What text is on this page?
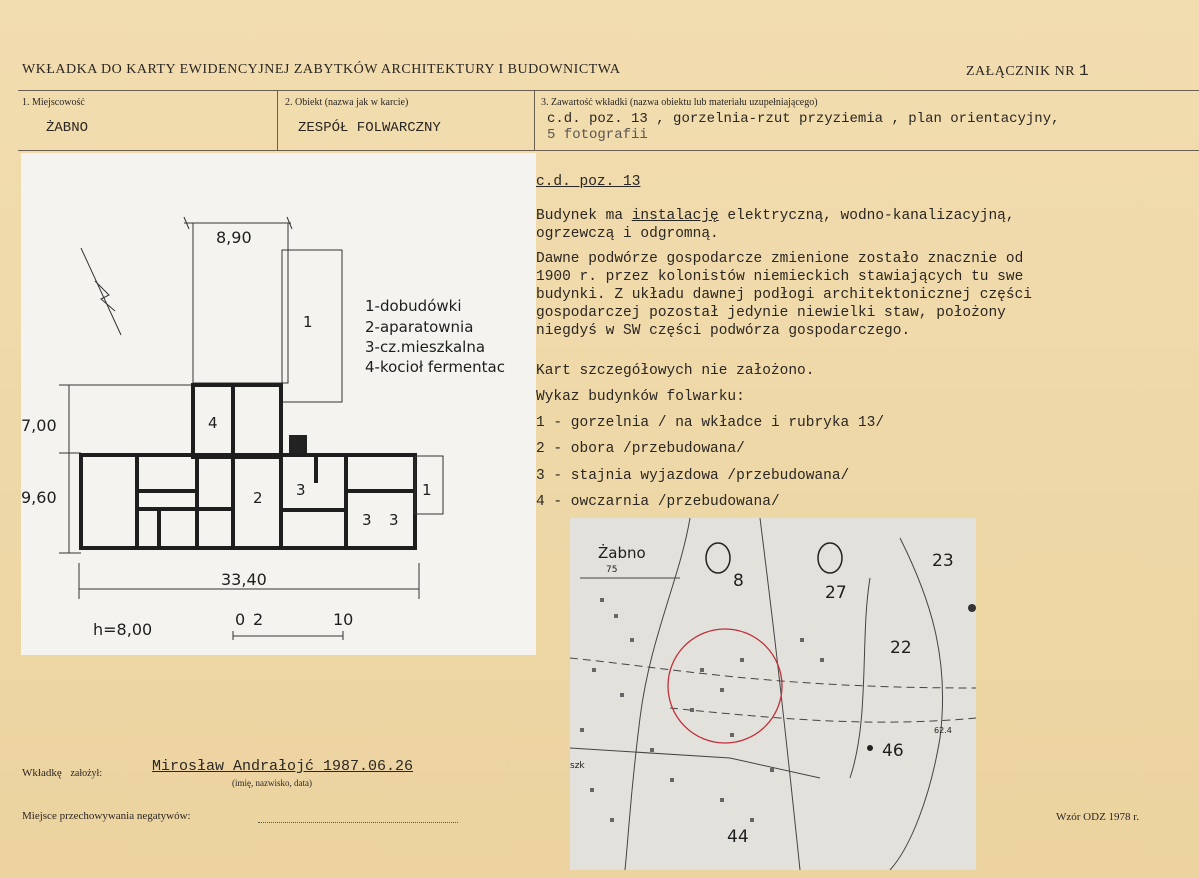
WKŁADKA DO KARTY EWIDENCYJNEJ ZABYTKÓW ARCHITEKTURY I BUDOWNICTWA	ZAŁĄCZNIK NR 1
1. Miejscowość
ŻABNO
2. Obiekt (nazwa jak w karcie)
ZESPÓŁ FOLWARCZNY
3. Zawartość wkładki (nazwa obiektu lub materiału uzupełniającego)
c.d. poz. 13 , gorzelnia-rzut przyziemia , plan orientacyjny,
5 fotografii
8,90
7,00
9,60
33,40
h=8,00
0 2	10
1
4
2 3
3 3
1
1-dobudówki
2-aparatownia
3-cz.mieszkalna
4-kocioł fermentac
c.d. poz. 13
Budynek ma instalację elektryczną, wodno-kanalizacyjną,
ogrzewczą i odgromną.
Dawne podwórze gospodarcze zmienione zostało znacznie od
1900 r. przez kolonistów niemieckich stawiających tu swe
budynki. Z układu dawnej podłogi architektonicznej części
gospodarczej pozostał jedynie niewielki staw, położony
niegdyś w SW części podwórza gospodarczego.
Kart szczegółowych nie założono.
Wykaz budynków folwarku:
1 - gorzelnia / na wkładce i rubryka 13/
2 - obora /przebudowana/
3 - stajnia wyjazdowa /przebudowana/
4 - owczarnia /przebudowana/
Żabno
75
8
27
23
22
46
44
62.4
szk
Wkładkę założył:	Mirosław Andrałojć 1987.06.26
(imię, nazwisko, data)
Miejsce przechowywania negatywów:	Wzór ODZ 1978 r.
